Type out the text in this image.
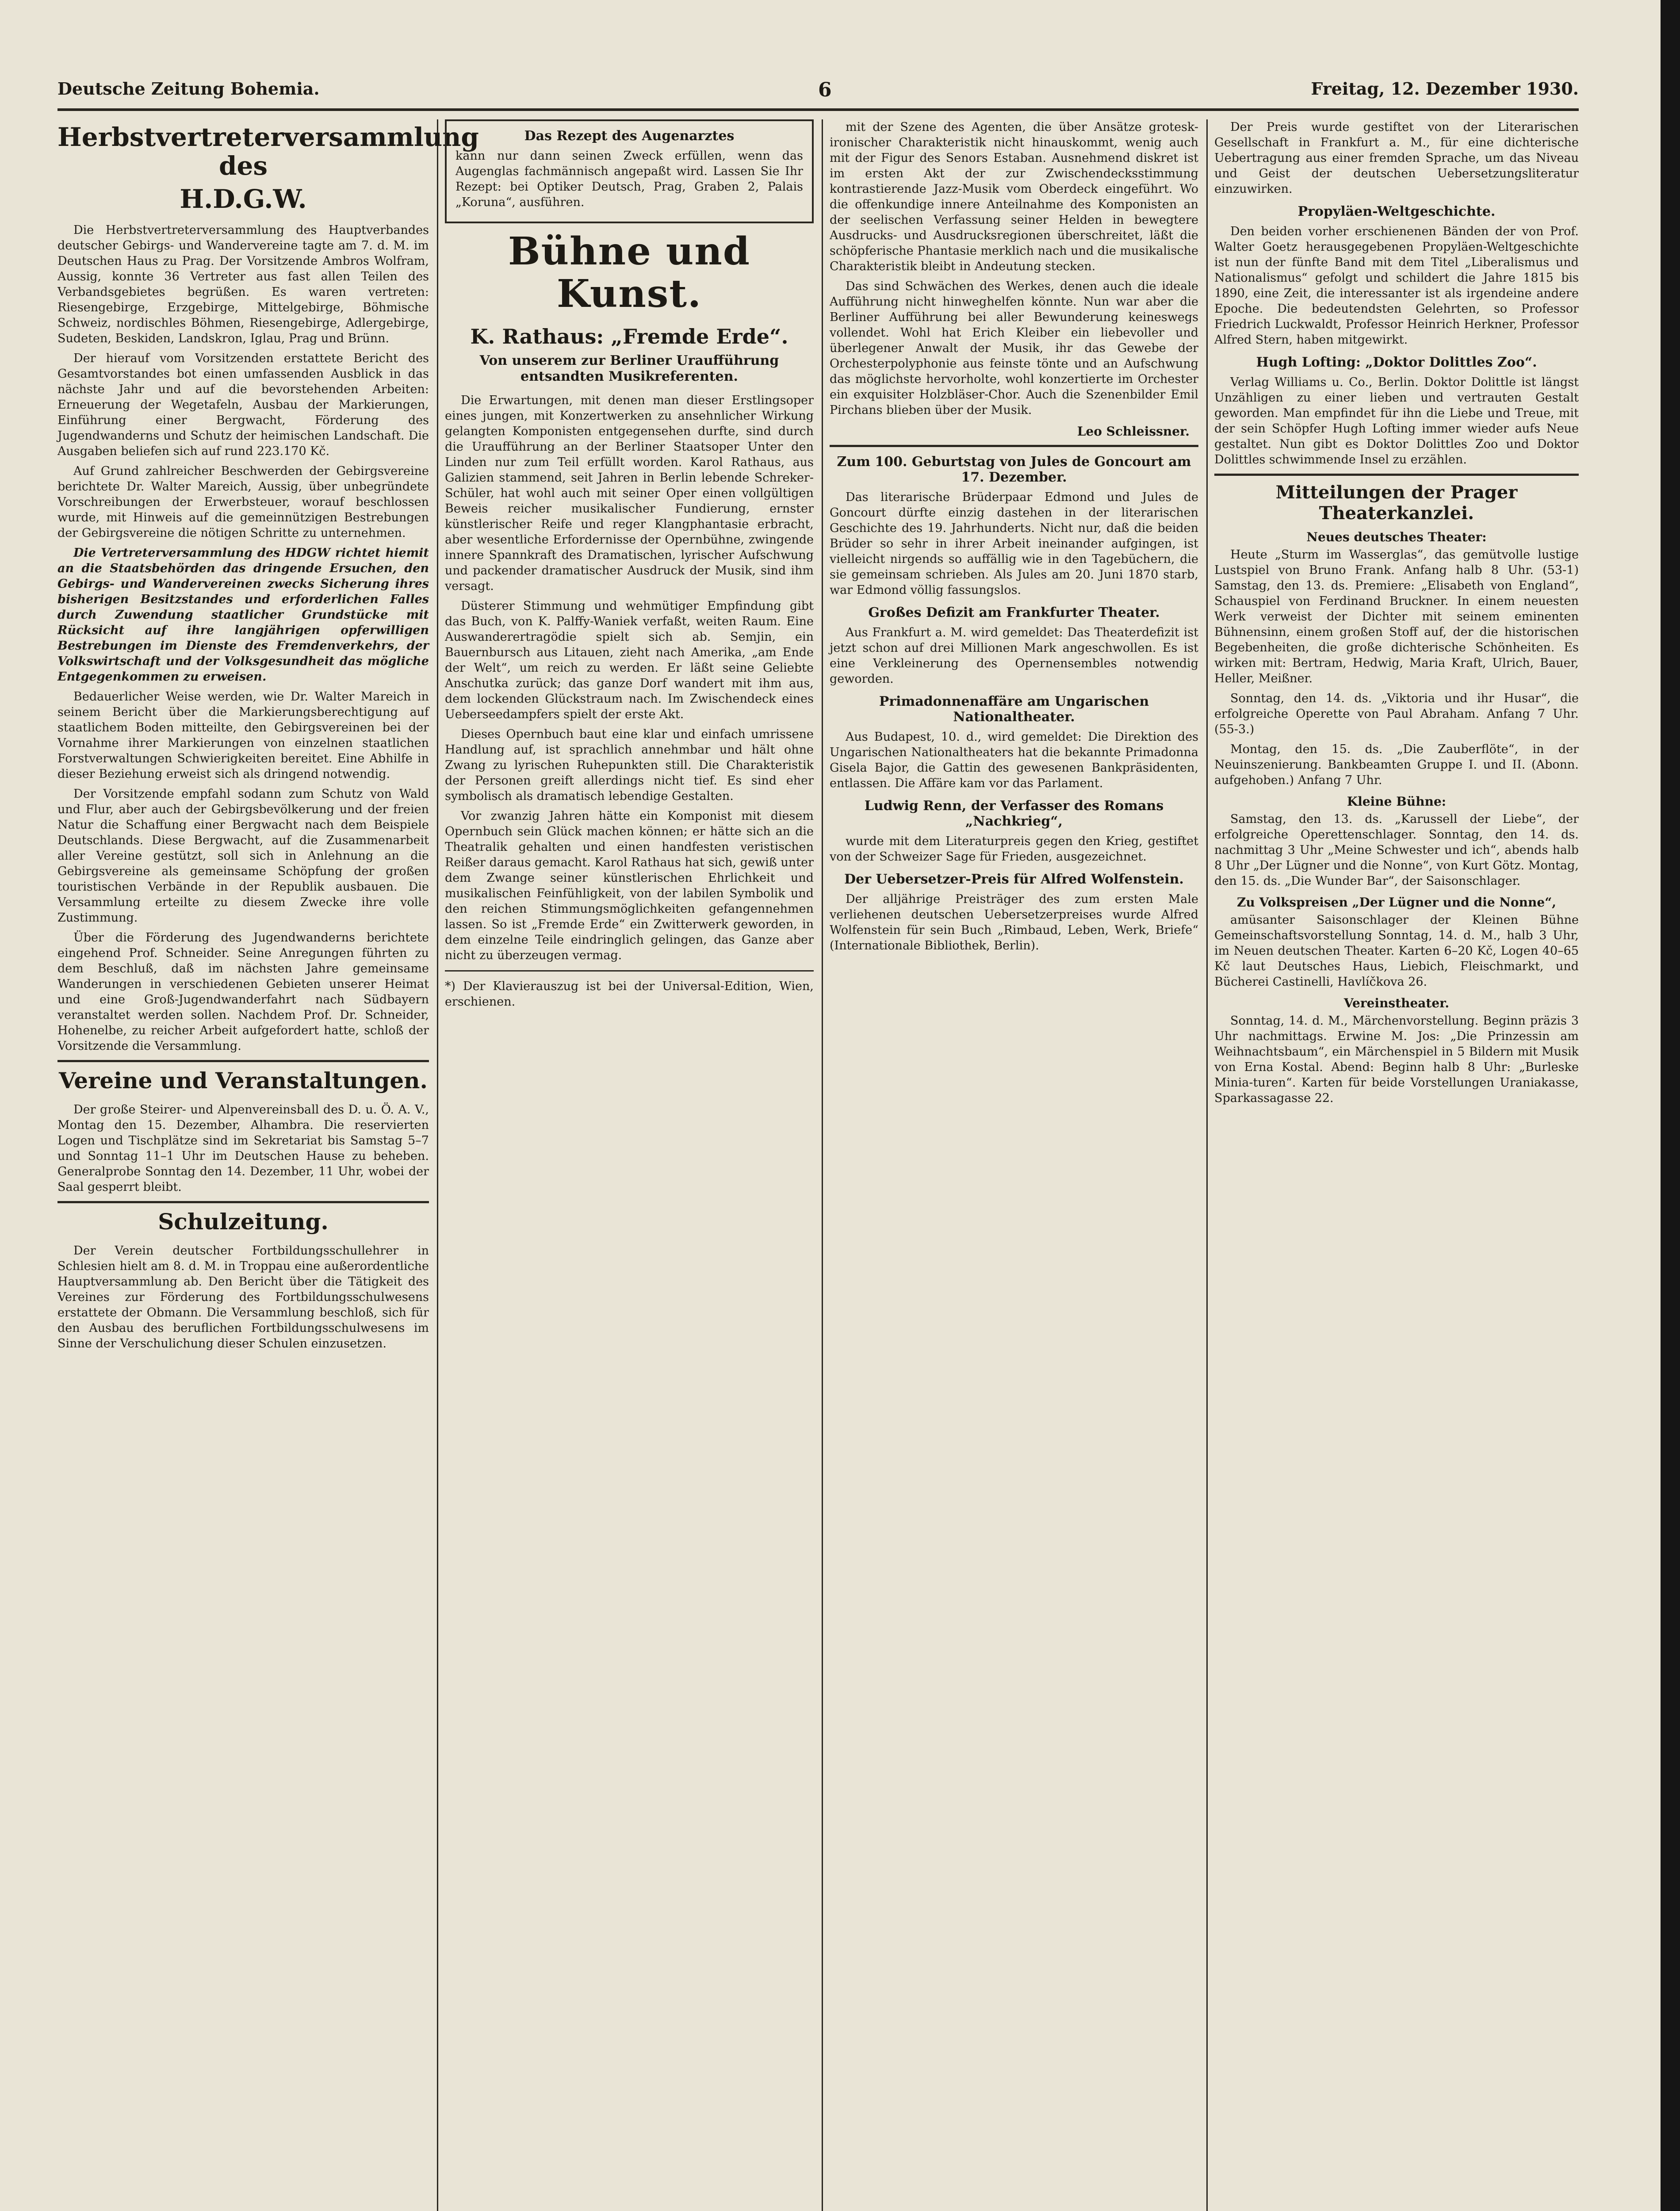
Deutsche Zeitung Bohemia.	6	Freitag, 12. Dezember 1930.
Herbstvertreterversammlung des
H.D.G.W.

Die Herbstvertreterversammlung des Hauptverbandes deutscher Gebirgs- und Wandervereine tagte am 7. d. M. im Deutschen Haus zu Prag. Der Vorsitzende Ambros Wolfram, Aussig, konnte 36 Vertreter aus fast allen Teilen des Verbandsgebietes begrüßen. Es waren vertreten: Riesengebirge, Erzgebirge, Mittelgebirge, Böhmische Schweiz, nordischles Böhmen, Riesengebirge, Adlergebirge, Sudeten, Beskiden, Landskron, Iglau, Prag und Brünn.

Der hierauf vom Vorsitzenden erstattete Bericht des Gesamtvorstandes bot einen umfassenden Ausblick in das nächste Jahr und auf die bevorstehenden Arbeiten: Erneuerung der Wegetafeln, Ausbau der Markierungen, Einführung einer Bergwacht, Förderung des Jugendwanderns und Schutz der heimischen Landschaft. Die Ausgaben beliefen sich auf rund 223.170 Kč.

Auf Grund zahlreicher Beschwerden der Gebirgsvereine berichtete Dr. Walter Mareich, Aussig, über unbegründete Vorschreibungen der Erwerbsteuer, worauf beschlossen wurde, mit Hinweis auf die gemeinnützigen Bestrebungen der Gebirgsvereine die nötigen Schritte zu unternehmen.

Die Vertreterversammlung des HDGW richtet hiemit an die Staatsbehörden das dringende Ersuchen, den Gebirgs- und Wandervereinen zwecks Sicherung ihres bisherigen Besitzstandes und erforderlichen Falles durch Zuwendung staatlicher Grundstücke mit Rücksicht auf ihre langjährigen opferwilligen Bestrebungen im Dienste des Fremdenverkehrs, der Volkswirtschaft und der Volksgesundheit das mögliche Entgegenkommen zu erweisen.

Bedauerlicher Weise werden, wie Dr. Walter Mareich in seinem Bericht über die Markierungsberechtigung auf staatlichem Boden mitteilte, den Gebirgsvereinen bei der Vornahme ihrer Markierungen von einzelnen staatlichen Forstverwaltungen Schwierigkeiten bereitet. Eine Abhilfe in dieser Beziehung erweist sich als dringend notwendig.

Der Vorsitzende empfahl sodann zum Schutz von Wald und Flur, aber auch der Gebirgsbevölkerung und der freien Natur die Schaffung einer Bergwacht nach dem Beispiele Deutschlands. Diese Bergwacht, auf die Zusammenarbeit aller Vereine gestützt, soll sich in Anlehnung an die Gebirgsvereine als gemeinsame Schöpfung der großen touristischen Verbände in der Republik ausbauen. Die Versammlung erteilte zu diesem Zwecke ihre volle Zustimmung.

Über die Förderung des Jugendwanderns berichtete eingehend Prof. Schneider. Seine Anregungen führten zu dem Beschluß, daß im nächsten Jahre gemeinsame Wanderungen in verschiedenen Gebieten unserer Heimat und eine Groß-Jugendwanderfahrt nach Südbayern veranstaltet werden sollen. Nachdem Prof. Dr. Schneider, Hohenelbe, zu reicher Arbeit aufgefordert hatte, schloß der Vorsitzende die Versammlung.

Vereine und Veranstaltungen.

Der große Steirer- und Alpenvereinsball des D. u. Ö. A. V., Montag den 15. Dezember, Alhambra. Die reservierten Logen und Tischplätze sind im Sekretariat bis Samstag 5–7 und Sonntag 11–1 Uhr im Deutschen Hause zu beheben. Generalprobe Sonntag den 14. Dezember, 11 Uhr, wobei der Saal gesperrt bleibt.

Schulzeitung.

Der Verein deutscher Fortbildungsschullehrer in Schlesien hielt am 8. d. M. in Troppau eine außerordentliche Hauptversammlung ab. Den Bericht über die Tätigkeit des Vereines zur Förderung des Fortbildungsschulwesens erstattete der Obmann. Die Versammlung beschloß, sich für den Ausbau des beruflichen Fortbildungsschulwesens im Sinne der Verschulichung dieser Schulen einzusetzen.

Das Rezept des Augenarztes

kann nur dann seinen Zweck erfüllen, wenn das Augenglas fachmännisch angepaßt wird. Lassen Sie Ihr Rezept: bei Optiker Deutsch, Prag, Graben 2, Palais „Koruna“, ausführen.

Bühne und Kunst.
K. Rathaus: „Fremde Erde“.
Von unserem zur Berliner Uraufführung entsandten Musikreferenten.

Die Erwartungen, mit denen man dieser Erstlingsoper eines jungen, mit Konzertwerken zu ansehnlicher Wirkung gelangten Komponisten entgegensehen durfte, sind durch die Uraufführung an der Berliner Staatsoper Unter den Linden nur zum Teil erfüllt worden. Karol Rathaus, aus Galizien stammend, seit Jahren in Berlin lebende Schreker-Schüler, hat wohl auch mit seiner Oper einen vollgültigen Beweis reicher musikalischer Fundierung, ernster künstlerischer Reife und reger Klangphantasie erbracht, aber wesentliche Erfordernisse der Opernbühne, zwingende innere Spannkraft des Dramatischen, lyrischer Aufschwung und packender dramatischer Ausdruck der Musik, sind ihm versagt.

Düsterer Stimmung und wehmütiger Empfindung gibt das Buch, von K. Palffy-Waniek verfaßt, weiten Raum. Eine Auswanderertragödie spielt sich ab. Semjin, ein Bauernbursch aus Litauen, zieht nach Amerika, „am Ende der Welt“, um reich zu werden. Er läßt seine Geliebte Anschutka zurück; das ganze Dorf wandert mit ihm aus, dem lockenden Glückstraum nach. Im Zwischendeck eines Ueberseedampfers spielt der erste Akt.

Dieses Opernbuch baut eine klar und einfach umrissene Handlung auf, ist sprachlich annehmbar und hält ohne Zwang zu lyrischen Ruhepunkten still. Die Charakteristik der Personen greift allerdings nicht tief. Es sind eher symbolisch als dramatisch lebendige Gestalten.

Vor zwanzig Jahren hätte ein Komponist mit diesem Opernbuch sein Glück machen können; er hätte sich an die Theatralik gehalten und einen handfesten veristischen Reißer daraus gemacht. Karol Rathaus hat sich, gewiß unter dem Zwange seiner künstlerischen Ehrlichkeit und musikalischen Feinfühligkeit, von der labilen Symbolik und den reichen Stimmungsmöglichkeiten gefangennehmen lassen. So ist „Fremde Erde“ ein Zwitterwerk geworden, in dem einzelne Teile eindringlich gelingen, das Ganze aber nicht zu überzeugen vermag.

*) Der Klavierauszug ist bei der Universal-Edition, Wien, erschienen.

mit der Szene des Agenten, die über Ansätze grotesk-ironischer Charakteristik nicht hinauskommt, wenig auch mit der Figur des Senors Estaban. Ausnehmend diskret ist im ersten Akt der zur Zwischendecksstimmung kontrastierende Jazz-Musik vom Oberdeck eingeführt. Wo die offenkundige innere Anteilnahme des Komponisten an der seelischen Verfassung seiner Helden in bewegtere Ausdrucks- und Ausdrucksregionen überschreitet, läßt die schöpferische Phantasie merklich nach und die musikalische Charakteristik bleibt in Andeutung stecken.

Das sind Schwächen des Werkes, denen auch die ideale Aufführung nicht hinweghelfen könnte. Nun war aber die Berliner Aufführung bei aller Bewunderung keineswegs vollendet. Wohl hat Erich Kleiber ein liebevoller und überlegener Anwalt der Musik, ihr das Gewebe der Orchesterpolyphonie aus feinste tönte und an Aufschwung das möglichste hervorholte, wohl konzertierte im Orchester ein exquisiter Holzbläser-Chor. Auch die Szenenbilder Emil Pirchans blieben über der Musik.

Leo Schleissner.
Zum 100. Geburtstag von Jules de Goncourt am 17. Dezember.

Das literarische Brüderpaar Edmond und Jules de Goncourt dürfte einzig dastehen in der literarischen Geschichte des 19. Jahrhunderts. Nicht nur, daß die beiden Brüder so sehr in ihrer Arbeit ineinander aufgingen, ist vielleicht nirgends so auffällig wie in den Tagebüchern, die sie gemeinsam schrieben. Als Jules am 20. Juni 1870 starb, war Edmond völlig fassungslos.

Großes Defizit am Frankfurter Theater.

Aus Frankfurt a. M. wird gemeldet: Das Theaterdefizit ist jetzt schon auf drei Millionen Mark angeschwollen. Es ist eine Verkleinerung des Opernensembles notwendig geworden.

Primadonnenaffäre am Ungarischen Nationaltheater.

Aus Budapest, 10. d., wird gemeldet: Die Direktion des Ungarischen Nationaltheaters hat die bekannte Primadonna Gisela Bajor, die Gattin des gewesenen Bankpräsidenten, entlassen. Die Affäre kam vor das Parlament.

Ludwig Renn, der Verfasser des Romans „Nachkrieg“,

wurde mit dem Literaturpreis gegen den Krieg, gestiftet von der Schweizer Sage für Frieden, ausgezeichnet.

Der Uebersetzer-Preis für Alfred Wolfenstein.

Der alljährige Preisträger des zum ersten Male verliehenen deutschen Uebersetzerpreises wurde Alfred Wolfenstein für sein Buch „Rimbaud, Leben, Werk, Briefe“ (Internationale Bibliothek, Berlin).

Der Preis wurde gestiftet von der Literarischen Gesellschaft in Frankfurt a. M., für eine dichterische Uebertragung aus einer fremden Sprache, um das Niveau und Geist der deutschen Uebersetzungsliteratur einzuwirken.

Propyläen-Weltgeschichte.

Den beiden vorher erschienenen Bänden der von Prof. Walter Goetz herausgegebenen Propyläen-Weltgeschichte ist nun der fünfte Band mit dem Titel „Liberalismus und Nationalismus“ gefolgt und schildert die Jahre 1815 bis 1890, eine Zeit, die interessanter ist als irgendeine andere Epoche. Die bedeutendsten Gelehrten, so Professor Friedrich Luckwaldt, Professor Heinrich Herkner, Professor Alfred Stern, haben mitgewirkt.

Hugh Lofting: „Doktor Dolittles Zoo“.

Verlag Williams u. Co., Berlin. Doktor Dolittle ist längst Unzähligen zu einer lieben und vertrauten Gestalt geworden. Man empfindet für ihn die Liebe und Treue, mit der sein Schöpfer Hugh Lofting immer wieder aufs Neue gestaltet. Nun gibt es Doktor Dolittles Zoo und Doktor Dolittles schwimmende Insel zu erzählen.

Mitteilungen der Prager Theaterkanzlei.
Neues deutsches Theater:

Heute „Sturm im Wasserglas“, das gemütvolle lustige Lustspiel von Bruno Frank. Anfang halb 8 Uhr. (53-1) Samstag, den 13. ds. Premiere: „Elisabeth von England“, Schauspiel von Ferdinand Bruckner. In einem neuesten Werk verweist der Dichter mit seinem eminenten Bühnensinn, einem großen Stoff auf, der die historischen Begebenheiten, die große dichterische Schönheiten. Es wirken mit: Bertram, Hedwig, Maria Kraft, Ulrich, Bauer, Heller, Meißner.

Sonntag, den 14. ds. „Viktoria und ihr Husar“, die erfolgreiche Operette von Paul Abraham. Anfang 7 Uhr. (55-3.)

Montag, den 15. ds. „Die Zauberflöte“, in der Neuinszenierung. Bankbeamten Gruppe I. und II. (Abonn. aufgehoben.) Anfang 7 Uhr.

Kleine Bühne:

Samstag, den 13. ds. „Karussell der Liebe“, der erfolgreiche Operettenschlager. Sonntag, den 14. ds. nachmittag 3 Uhr „Meine Schwester und ich“, abends halb 8 Uhr „Der Lügner und die Nonne“, von Kurt Götz. Montag, den 15. ds. „Die Wunder Bar“, der Saisonschlager.

Zu Volkspreisen „Der Lügner und die Nonne“,

amüsanter Saisonschlager der Kleinen Bühne Gemeinschaftsvorstellung Sonntag, 14. d. M., halb 3 Uhr, im Neuen deutschen Theater. Karten 6–20 Kč, Logen 40–65 Kč laut Deutsches Haus, Liebich, Fleischmarkt, und Bücherei Castinelli, Havlíčkova 26.

Vereinstheater.

Sonntag, 14. d. M., Märchenvorstellung. Beginn präzis 3 Uhr nachmittags. Erwine M. Jos: „Die Prinzessin am Weihnachtsbaum“, ein Märchenspiel in 5 Bildern mit Musik von Erna Kostal. Abend: Beginn halb 8 Uhr: „Burleske Minia-turen“. Karten für beide Vorstellungen Uraniakasse, Sparkassagasse 22.
